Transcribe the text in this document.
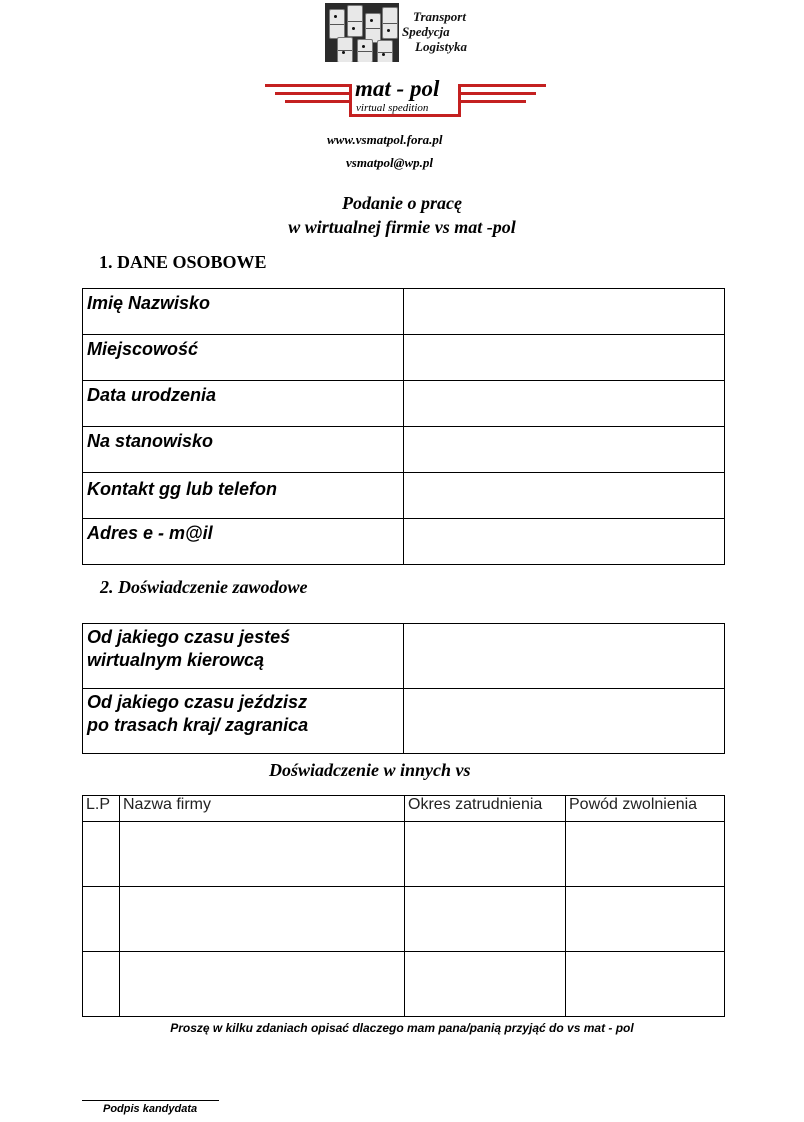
Transport
Spedycja
Logistyka
mat - pol
virtual spedition
www.vsmatpol.fora.pl
vsmatpol@wp.pl
Podanie o pracę
w wirtualnej firmie vs mat -pol
1. DANE OSOBOWE
Imię Nazwisko	
Miejscowość	
Data urodzenia	
Na stanowisko	
Kontakt gg lub telefon	
Adres e - m@il	
2. Doświadczenie zawodowe
Od jakiego czasu jesteś
wirtualnym kierowcą	

Od jakiego czasu jeździsz
po trasach kraj/ zagranica	

Doświadczenie w innych vs
L.P	Nazwa firmy	Okres zatrudnienia	Powód zwolnienia

Proszę w kilku zdaniach opisać dlaczego mam pana/panią przyjąć do vs mat - pol
Podpis kandydata
